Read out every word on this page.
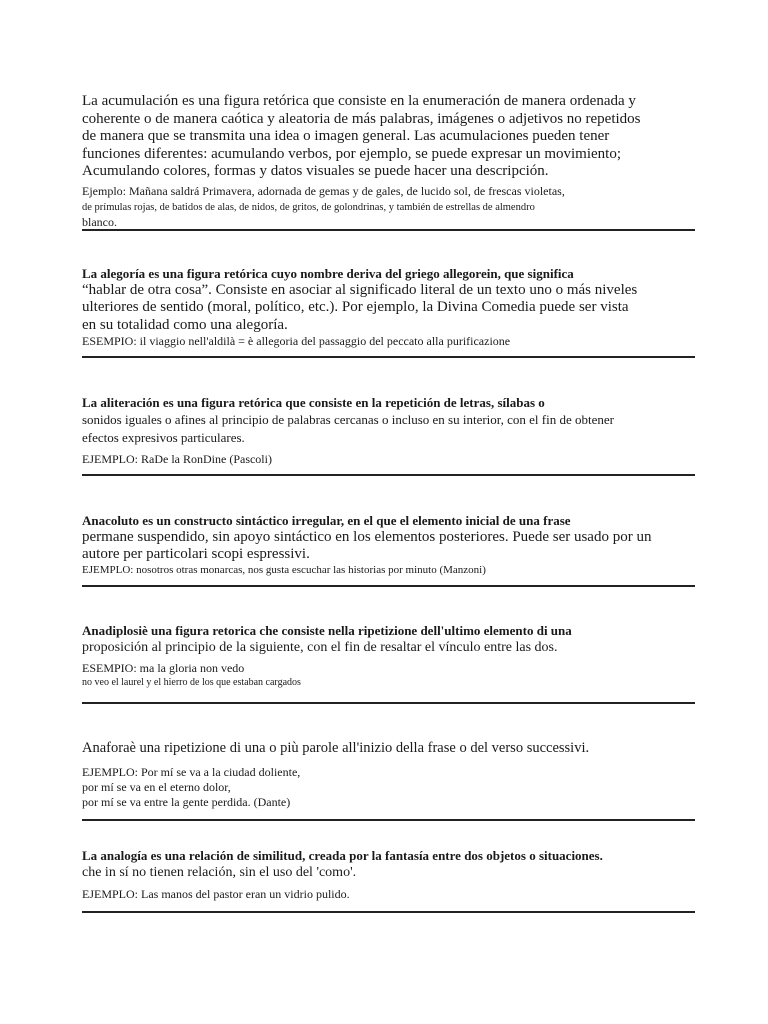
La acumulación es una figura retórica que consiste en la enumeración de manera ordenada y
coherente o de manera caótica y aleatoria de más palabras, imágenes o adjetivos no repetidos
de manera que se transmita una idea o imagen general. Las acumulaciones pueden tener
funciones diferentes: acumulando verbos, por ejemplo, se puede expresar un movimiento;
Acumulando colores, formas y datos visuales se puede hacer una descripción.
Ejemplo: Mañana saldrá Primavera, adornada de gemas y de gales, de lucido sol, de frescas violetas,
de prímulas rojas, de batidos de alas, de nidos, de gritos, de golondrinas, y también de estrellas de almendro
blanco.
La alegoría es una figura retórica cuyo nombre deriva del griego allegorein, que significa
“hablar de otra cosa”. Consiste en asociar al significado literal de un texto uno o más niveles
ulteriores de sentido (moral, político, etc.). Por ejemplo, la Divina Comedia puede ser vista
en su totalidad como una alegoría.
ESEMPIO: il viaggio nell'aldilà = è allegoria del passaggio del peccato alla purificazione
La aliteración es una figura retórica que consiste en la repetición de letras, sílabas o
sonidos iguales o afines al principio de palabras cercanas o incluso en su interior, con el fin de obtener
efectos expresivos particulares.
EJEMPLO: RaDe la RonDine (Pascoli)
Anacoluto es un constructo sintáctico irregular, en el que el elemento inicial de una frase
permane suspendido, sin apoyo sintáctico en los elementos posteriores. Puede ser usado por un
autore per particolari scopi espressivi.
EJEMPLO: nosotros otras monarcas, nos gusta escuchar las historias por minuto (Manzoni)
Anadiplosiè una figura retorica che consiste nella ripetizione dell'ultimo elemento di una
proposición al principio de la siguiente, con el fin de resaltar el vínculo entre las dos.
ESEMPIO: ma la gloria non vedo
no veo el laurel y el hierro de los que estaban cargados
Anaforaè una ripetizione di una o più parole all'inizio della frase o del verso successivi.
EJEMPLO: Por mí se va a la ciudad doliente,
por mí se va en el eterno dolor,
por mí se va entre la gente perdida. (Dante)
La analogía es una relación de similitud, creada por la fantasía entre dos objetos o situaciones.
che in sí no tienen relación, sin el uso del 'como'.
EJEMPLO: Las manos del pastor eran un vidrio pulido.
